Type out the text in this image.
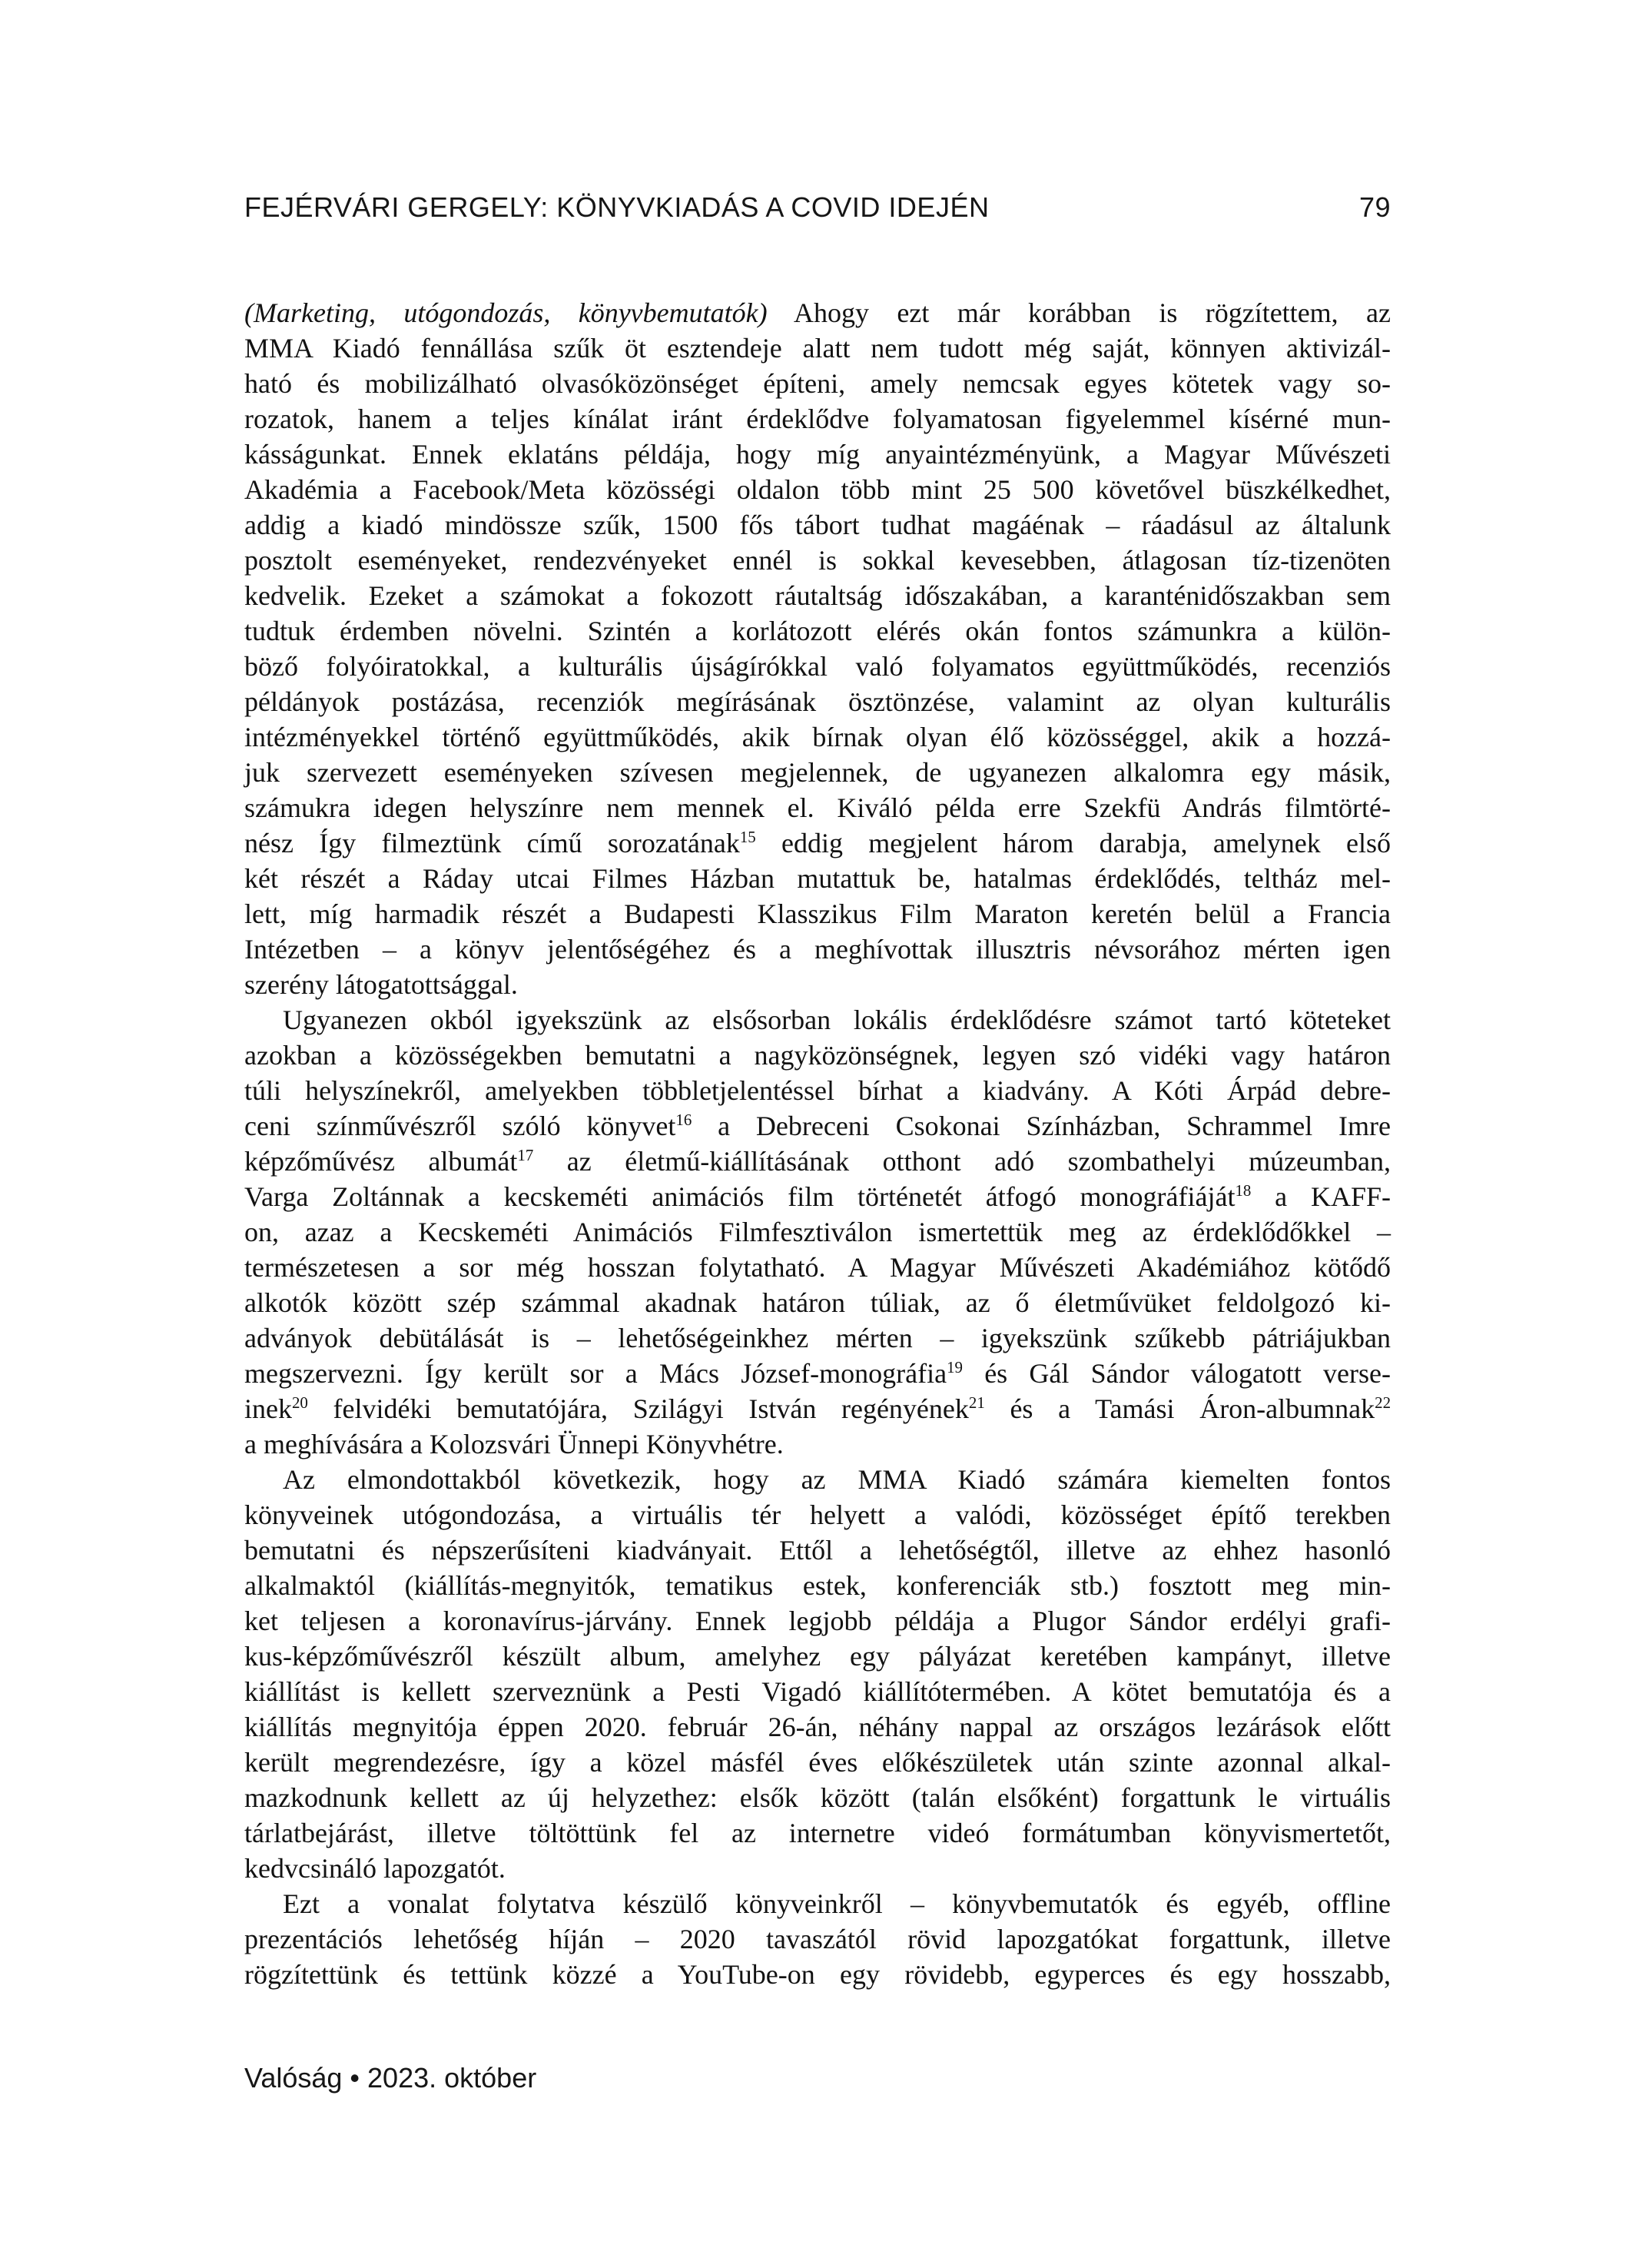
FEJÉRVÁRI GERGELY: KÖNYVKIADÁS A COVID IDEJÉN	79
(Marketing, utógondozás, könyvbemutatók) Ahogy ezt már korábban is rögzítettem, az
MMA Kiadó fennállása szűk öt esztendeje alatt nem tudott még saját, könnyen aktivizál-
ható és mobilizálható olvasóközönséget építeni, amely nemcsak egyes kötetek vagy so-
rozatok, hanem a teljes kínálat iránt érdeklődve folyamatosan figyelemmel kísérné mun-
kásságunkat. Ennek eklatáns példája, hogy míg anyaintézményünk, a Magyar Művészeti
Akadémia a Facebook/Meta közösségi oldalon több mint 25 500 követővel büszkélkedhet,
addig a kiadó mindössze szűk, 1500 fős tábort tudhat magáénak – ráadásul az általunk
posztolt eseményeket, rendezvényeket ennél is sokkal kevesebben, átlagosan tíz-tizenöten
kedvelik. Ezeket a számokat a fokozott ráutaltság időszakában, a karanténidőszakban sem
tudtuk érdemben növelni. Szintén a korlátozott elérés okán fontos számunkra a külön-
böző folyóiratokkal, a kulturális újságírókkal való folyamatos együttműködés, recenziós
példányok postázása, recenziók megírásának ösztönzése, valamint az olyan kulturális
intézményekkel történő együttműködés, akik bírnak olyan élő közösséggel, akik a hozzá-
juk szervezett eseményeken szívesen megjelennek, de ugyanezen alkalomra egy másik,
számukra idegen helyszínre nem mennek el. Kiváló példa erre Szekfü András filmtörté-
nész Így filmeztünk című sorozatának$^{15}$ eddig megjelent három darabja, amelynek első
két részét a Ráday utcai Filmes Házban mutattuk be, hatalmas érdeklődés, teltház mel-
lett, míg harmadik részét a Budapesti Klasszikus Film Maraton keretén belül a Francia
Intézetben – a könyv jelentőségéhez és a meghívottak illusztris névsorához mérten igen
szerény látogatottsággal.
Ugyanezen okból igyekszünk az elsősorban lokális érdeklődésre számot tartó köteteket
azokban a közösségekben bemutatni a nagyközönségnek, legyen szó vidéki vagy határon
túli helyszínekről, amelyekben többletjelentéssel bírhat a kiadvány. A Kóti Árpád debre-
ceni színművészről szóló könyvet$^{16}$ a Debreceni Csokonai Színházban, Schrammel Imre
képzőművész albumát$^{17}$ az életmű-kiállításának otthont adó szombathelyi múzeumban,
Varga Zoltánnak a kecskeméti animációs film történetét átfogó monográfiáját$^{18}$ a KAFF-
on, azaz a Kecskeméti Animációs Filmfesztiválon ismertettük meg az érdeklődőkkel –
természetesen a sor még hosszan folytatható. A Magyar Művészeti Akadémiához kötődő
alkotók között szép számmal akadnak határon túliak, az ő életművüket feldolgozó ki-
adványok debütálását is – lehetőségeinkhez mérten – igyekszünk szűkebb pátriájukban
megszervezni. Így került sor a Mács József-monográfia$^{19}$ és Gál Sándor válogatott verse-
inek$^{20}$ felvidéki bemutatójára, Szilágyi István regényének$^{21}$ és a Tamási Áron-albumnak$^{22}$
a meghívására a Kolozsvári Ünnepi Könyvhétre.
Az elmondottakból következik, hogy az MMA Kiadó számára kiemelten fontos
könyveinek utógondozása, a virtuális tér helyett a valódi, közösséget építő terekben
bemutatni és népszerűsíteni kiadványait. Ettől a lehetőségtől, illetve az ehhez hasonló
alkalmaktól (kiállítás-megnyitók, tematikus estek, konferenciák stb.) fosztott meg min-
ket teljesen a koronavírus-járvány. Ennek legjobb példája a Plugor Sándor erdélyi grafi-
kus-képzőművészről készült album, amelyhez egy pályázat keretében kampányt, illetve
kiállítást is kellett szerveznünk a Pesti Vigadó kiállítótermében. A kötet bemutatója és a
kiállítás megnyitója éppen 2020. február 26-án, néhány nappal az országos lezárások előtt
került megrendezésre, így a közel másfél éves előkészületek után szinte azonnal alkal-
mazkodnunk kellett az új helyzethez: elsők között (talán elsőként) forgattunk le virtuális
tárlatbejárást, illetve töltöttünk fel az internetre videó formátumban könyvismertetőt,
kedvcsináló lapozgatót.
Ezt a vonalat folytatva készülő könyveinkről – könyvbemutatók és egyéb, offline
prezentációs lehetőség híján – 2020 tavaszától rövid lapozgatókat forgattunk, illetve
rögzítettünk és tettünk közzé a YouTube-on egy rövidebb, egyperces és egy hosszabb,
Valóság • 2023. október
